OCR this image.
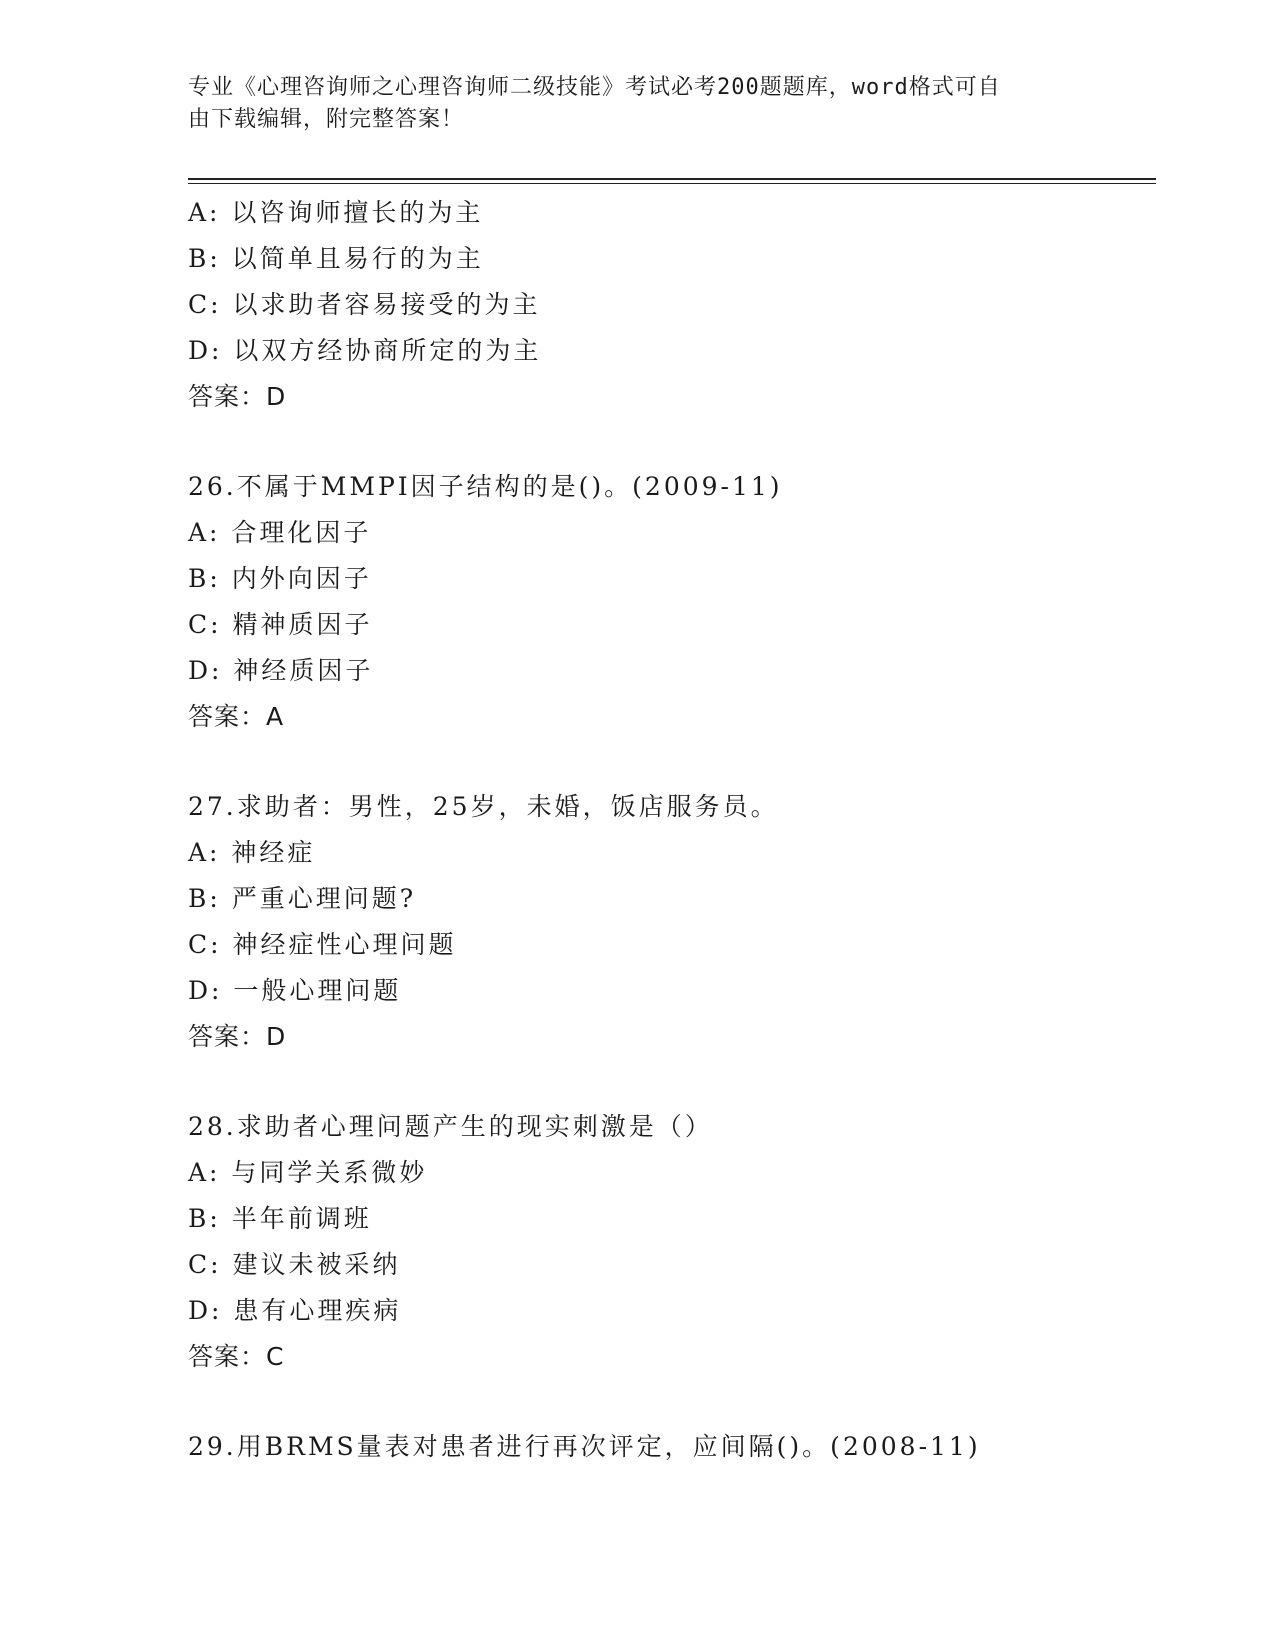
专业《心理咨询师之心理咨询师二级技能》考试必考200题题库，word格式可自
由下载编辑，附完整答案！
A: 以咨询师擅长的为主
B: 以简单且易行的为主
C: 以求助者容易接受的为主
D: 以双方经协商所定的为主
答案：D
26.不属于MMPI因子结构的是()。(2009-11)
A: 合理化因子
B: 内外向因子
C: 精神质因子
D: 神经质因子
答案：A
27.求助者：男性，25岁，未婚，饭店服务员。
A: 神经症
B: 严重心理问题?
C: 神经症性心理问题
D: 一般心理问题
答案：D
28.求助者心理问题产生的现实刺激是（）
A: 与同学关系微妙
B: 半年前调班
C: 建议未被采纳
D: 患有心理疾病
答案：C
29.用BRMS量表对患者进行再次评定，应间隔()。(2008-11)
